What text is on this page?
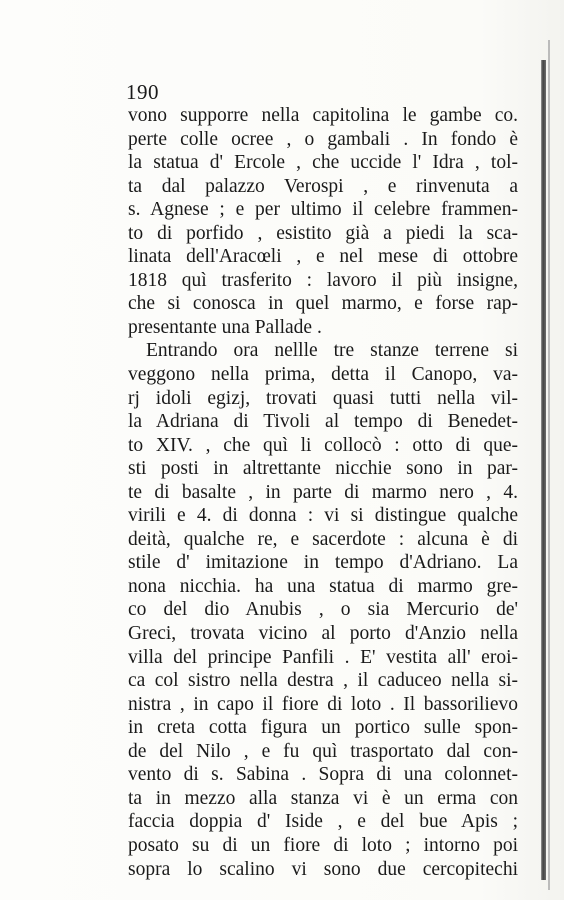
190
vono supporre nella capitolina le gambe co.
perte colle ocree , o gambali . In fondo è
la statua d' Ercole , che uccide l' Idra , tol-
ta dal palazzo Verospi , e rinvenuta a
s. Agnese ; e per ultimo il celebre frammen-
to di porfido , esistito già a piedi la sca-
linata dell'Aracœli , e nel mese di ottobre
1818 quì trasferito : lavoro il più insigne,
che si conosca in quel marmo, e forse rap-
presentante una Pallade .
Entrando ora nellle tre stanze terrene si
veggono nella prima, detta il Canopo, va-
rj idoli egizj, trovati quasi tutti nella vil-
la Adriana di Tivoli al tempo di Benedet-
to XIV. , che quì li collocò : otto di que-
sti posti in altrettante nicchie sono in par-
te di basalte , in parte di marmo nero , 4.
virili e 4. di donna : vi si distingue qualche
deità, qualche re, e sacerdote : alcuna è di
stile d' imitazione in tempo d'Adriano. La
nona nicchia. ha una statua di marmo gre-
co del dio Anubis , o sia Mercurio de'
Greci, trovata vicino al porto d'Anzio nella
villa del principe Panfili . E' vestita all' eroi-
ca col sistro nella destra , il caduceo nella si-
nistra , in capo il fiore di loto . Il bassorilievo
in creta cotta figura un portico sulle spon-
de del Nilo , e fu quì trasportato dal con-
vento di s. Sabina . Sopra di una colonnet-
ta in mezzo alla stanza vi è un erma con
faccia doppia d' Iside , e del bue Apis ;
posato su di un fiore di loto ; intorno poi
sopra lo scalino vi sono due cercopitechi
